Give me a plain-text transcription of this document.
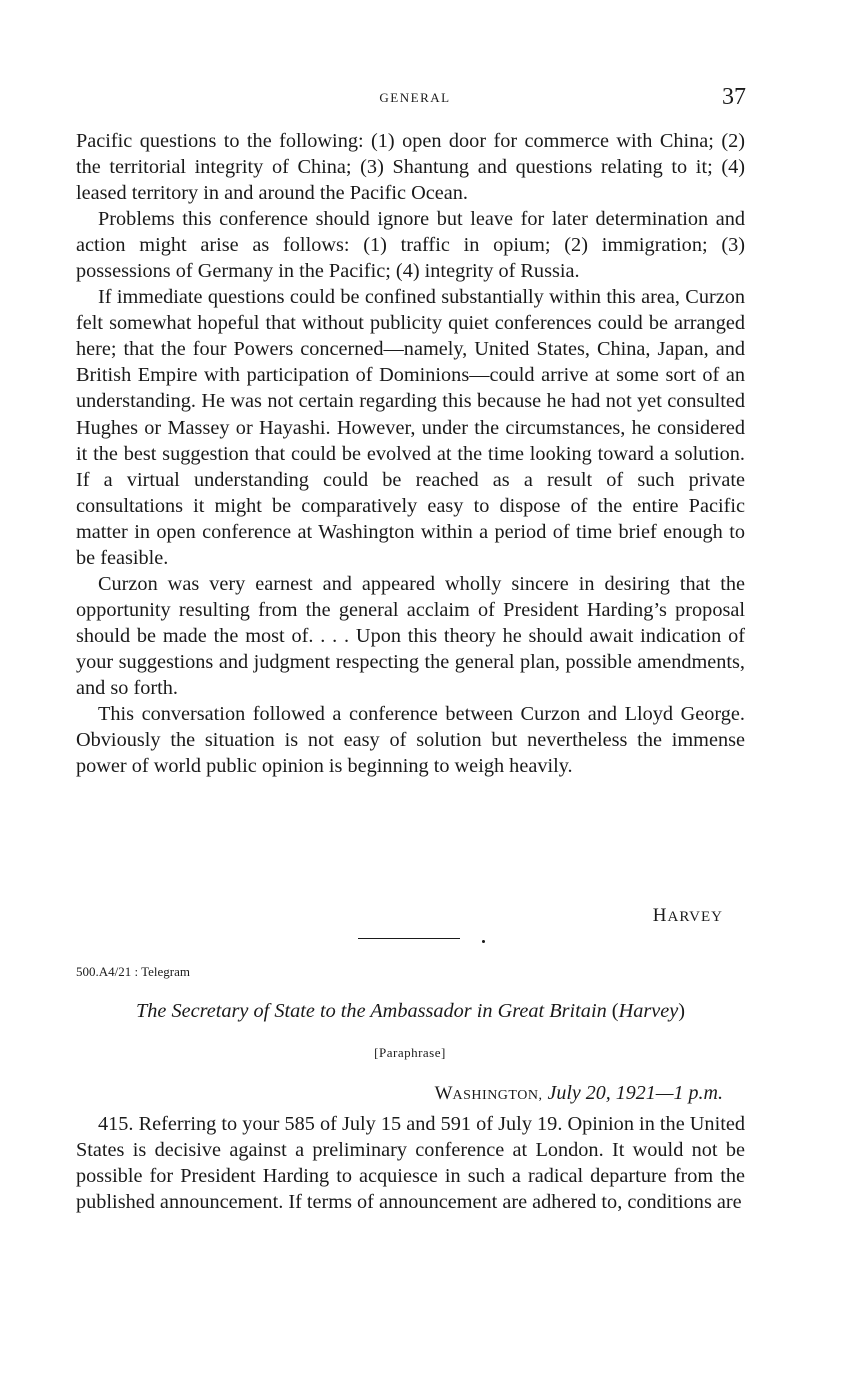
GENERAL	37

Pacific questions to the following: (1) open door for commerce with China; (2) the territorial integrity of China; (3) Shantung and questions relating to it; (4) leased territory in and around the Pacific Ocean.

Problems this conference should ignore but leave for later determination and action might arise as follows: (1) traffic in opium; (2) immigration; (3) possessions of Germany in the Pacific; (4) integrity of Russia.

If immediate questions could be confined substantially within this area, Curzon felt somewhat hopeful that without publicity quiet conferences could be arranged here; that the four Powers concerned—namely, United States, China, Japan, and British Empire with participation of Dominions—could arrive at some sort of an understanding. He was not certain regarding this because he had not yet consulted Hughes or Massey or Hayashi. However, under the circumstances, he considered it the best suggestion that could be evolved at the time looking toward a solution. If a virtual understanding could be reached as a result of such private consultations it might be comparatively easy to dispose of the entire Pacific matter in open conference at Washington within a period of time brief enough to be feasible.

Curzon was very earnest and appeared wholly sincere in desiring that the opportunity resulting from the general acclaim of President Harding’s proposal should be made the most of. . . . Upon this theory he should await indication of your suggestions and judgment respecting the general plan, possible amendments, and so forth.

This conversation followed a conference between Curzon and Lloyd George. Obviously the situation is not easy of solution but nevertheless the immense power of world public opinion is beginning to weigh heavily.

HARVEY
500.A4/21 : Telegram
The Secretary of State to the Ambassador in Great Britain (Harvey)
[Paraphrase]
WASHINGTON, July 20, 1921—1 p.m.

415. Referring to your 585 of July 15 and 591 of July 19. Opinion in the United States is decisive against a preliminary conference at London. It would not be possible for President Harding to acquiesce in such a radical departure from the published announcement. If terms of announcement are adhered to, conditions are
